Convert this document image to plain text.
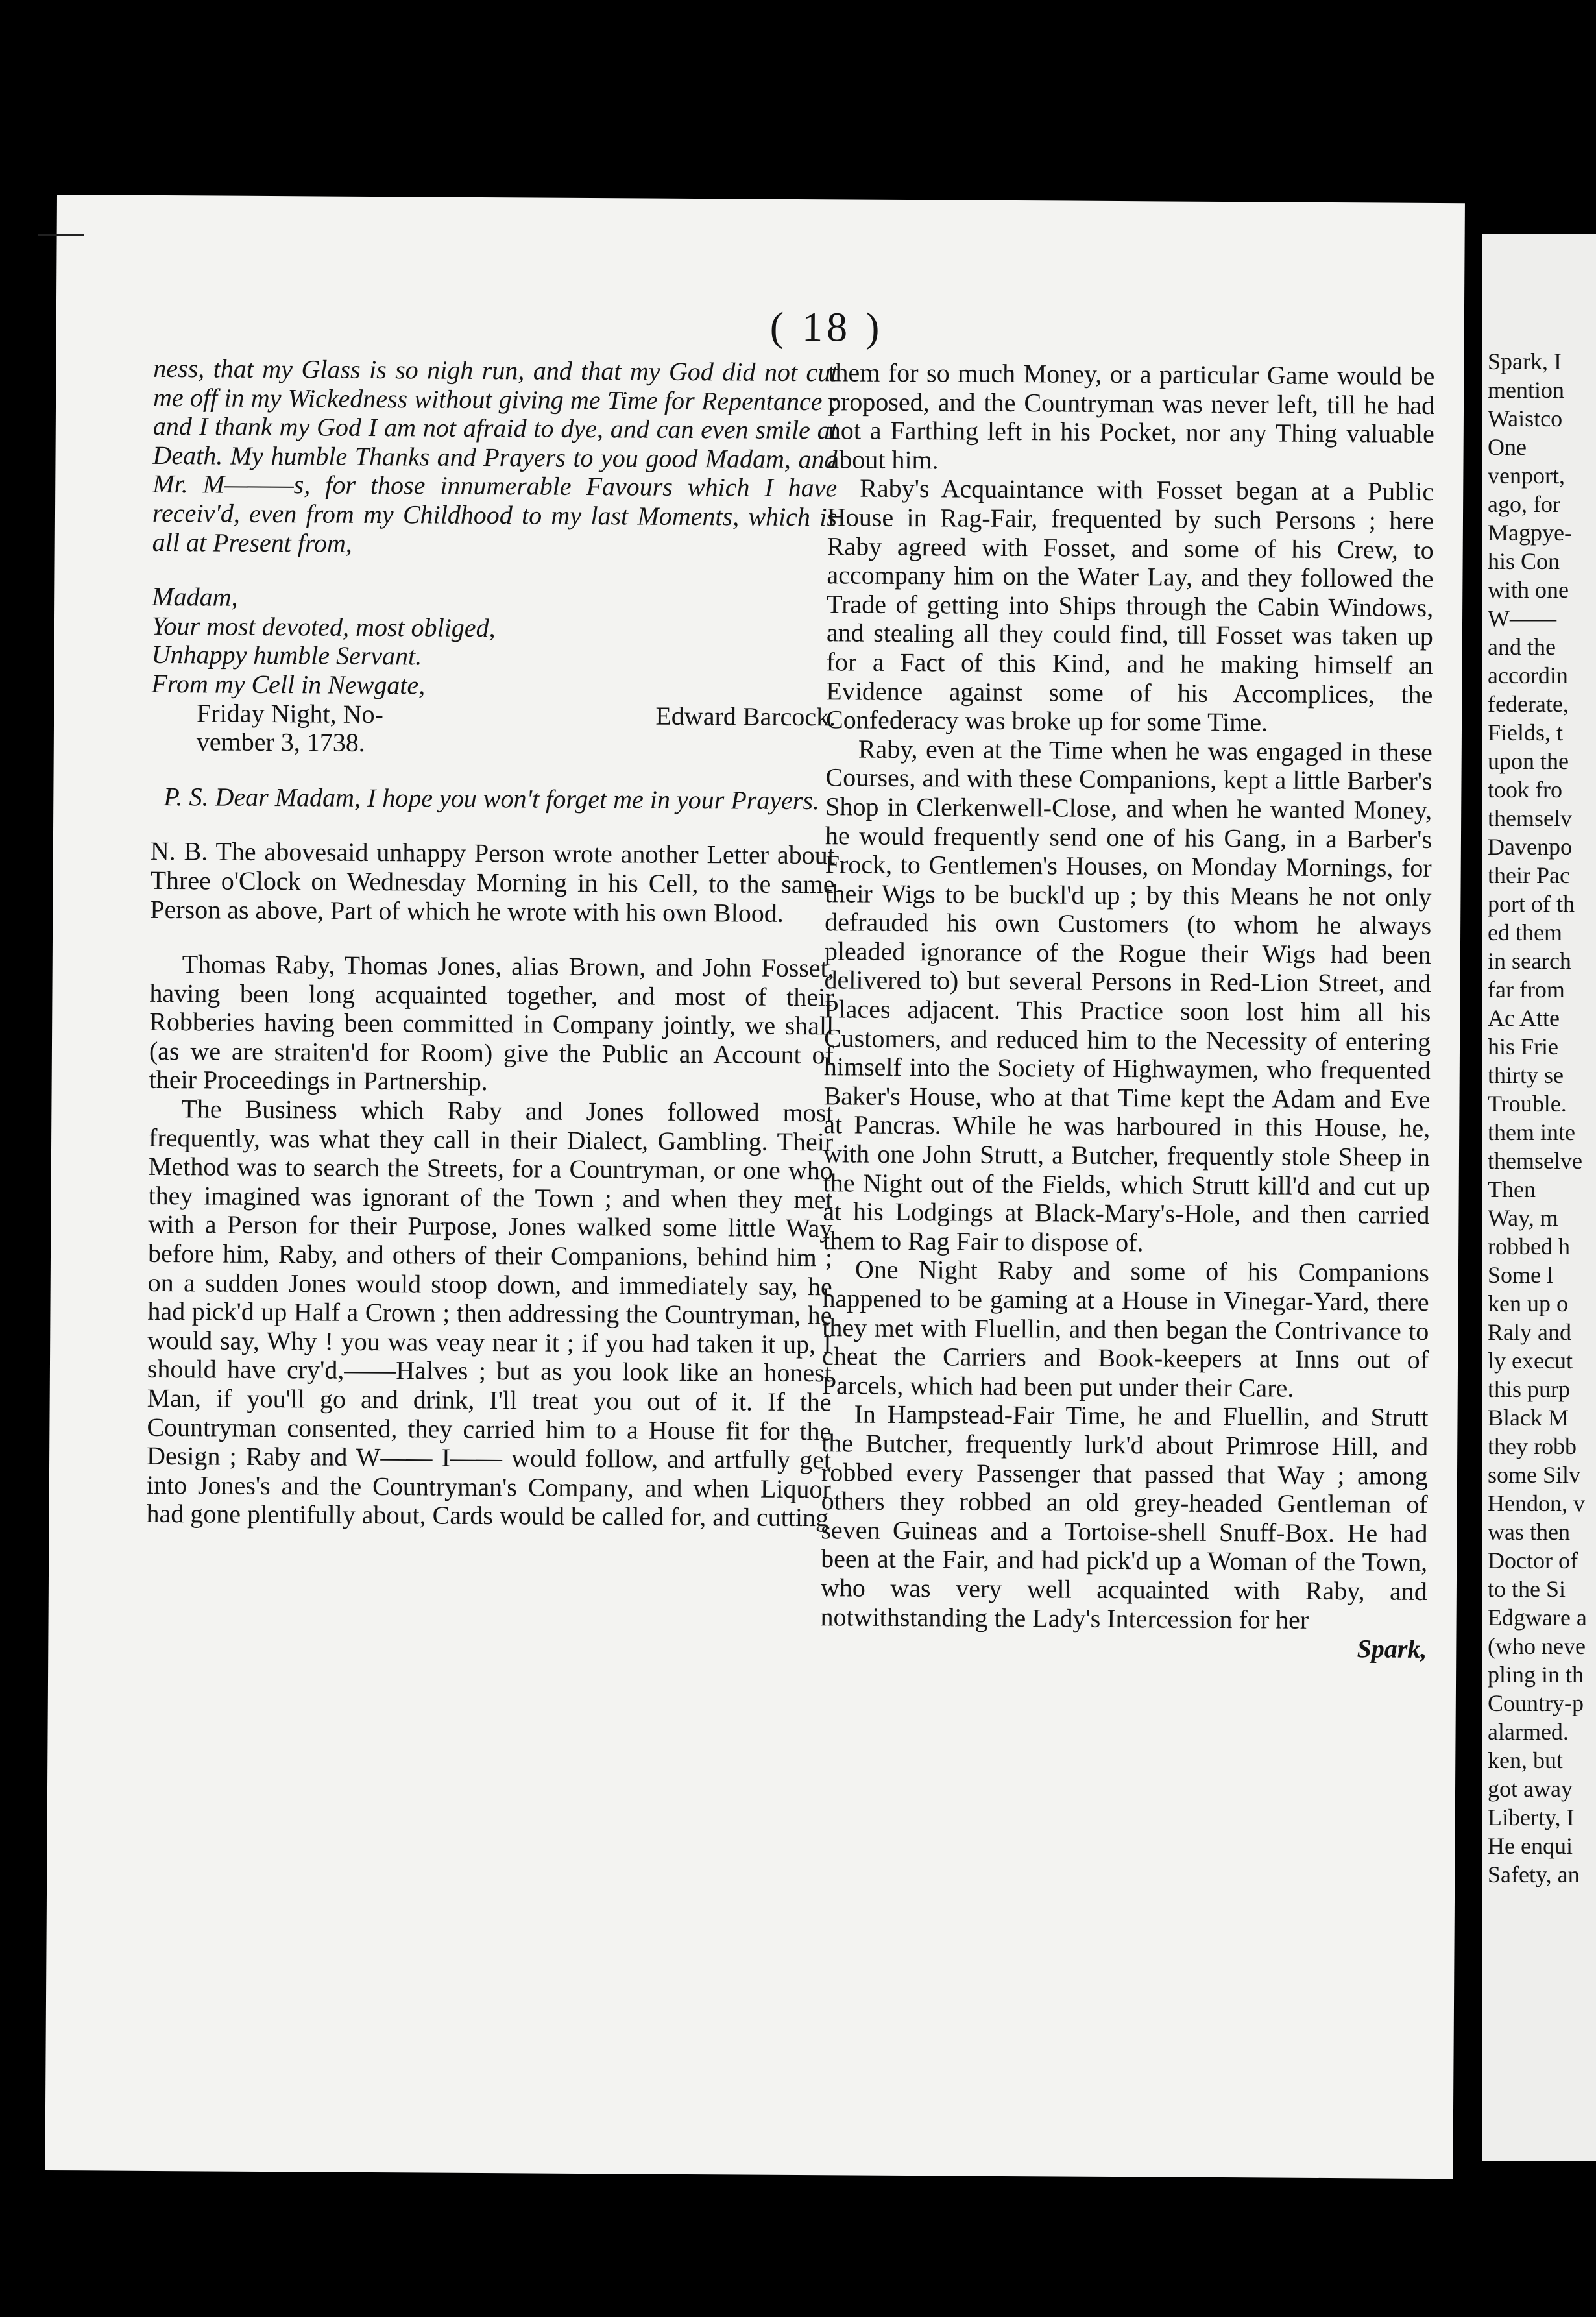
( 18 )

ness, that my Glass is so nigh run, and that my God did not cut me off in my Wickedness without giving me Time for Repentance ; and I thank my God I am not afraid to dye, and can even smile at Death. My humble Thanks and Prayers to you good Madam, and Mr. M———s, for those innumerable Favours which I have receiv'd, even from my Childhood to my last Moments, which is all at Present from,

Madam,

Your most devoted, most obliged,

Unhappy humble Servant.

From my Cell in Newgate,

Friday Night, No-	Edward Barcock.

vember 3, 1738.

P. S. Dear Madam, I hope you won't forget me in your Prayers.

N. B. The abovesaid unhappy Person wrote another Letter about Three o'Clock on Wednesday Morning in his Cell, to the same Person as above, Part of which he wrote with his own Blood.

Thomas Raby, Thomas Jones, alias Brown, and John Fosset, having been long acquainted together, and most of their Robberies having been committed in Company jointly, we shall (as we are straiten'd for Room) give the Public an Account of their Proceedings in Partnership.

The Business which Raby and Jones followed most frequently, was what they call in their Dialect, Gambling. Their Method was to search the Streets, for a Countryman, or one who they imagined was ignorant of the Town ; and when they met with a Person for their Purpose, Jones walked some little Way before him, Raby, and others of their Companions, behind him ; on a sudden Jones would stoop down, and immediately say, he had pick'd up Half a Crown ; then addressing the Countryman, he would say, Why ! you was veay near it ; if you had taken it up, I should have cry'd,——Halves ; but as you look like an honest Man, if you'll go and drink, I'll treat you out of it. If the Countryman consented, they carried him to a House fit for the Design ; Raby and W—— I—— would follow, and artfully get into Jones's and the Countryman's Company, and when Liquor had gone plentifully about, Cards would be called for, and cutting

them for so much Money, or a particular Game would be proposed, and the Countryman was never left, till he had not a Farthing left in his Pocket, nor any Thing valuable about him.

Raby's Acquaintance with Fosset began at a Public House in Rag-Fair, frequented by such Persons ; here Raby agreed with Fosset, and some of his Crew, to accompany him on the Water Lay, and they followed the Trade of getting into Ships through the Cabin Windows, and stealing all they could find, till Fosset was taken up for a Fact of this Kind, and he making himself an Evidence against some of his Accomplices, the Confederacy was broke up for some Time.

Raby, even at the Time when he was engaged in these Courses, and with these Companions, kept a little Barber's Shop in Clerkenwell-Close, and when he wanted Money, he would frequently send one of his Gang, in a Barber's Frock, to Gentlemen's Houses, on Monday Mornings, for their Wigs to be buckl'd up ; by this Means he not only defrauded his own Customers (to whom he always pleaded ignorance of the Rogue their Wigs had been delivered to) but several Persons in Red-Lion Street, and Places adjacent. This Practice soon lost him all his Customers, and reduced him to the Necessity of entering himself into the Society of Highwaymen, who frequented Baker's House, who at that Time kept the Adam and Eve at Pancras. While he was harboured in this House, he, with one John Strutt, a Butcher, frequently stole Sheep in the Night out of the Fields, which Strutt kill'd and cut up at his Lodgings at Black-Mary's-Hole, and then carried them to Rag Fair to dispose of.

One Night Raby and some of his Companions happened to be gaming at a House in Vinegar-Yard, there they met with Fluellin, and then began the Contrivance to cheat the Carriers and Book-keepers at Inns out of Parcels, which had been put under their Care.

In Hampstead-Fair Time, he and Fluellin, and Strutt the Butcher, frequently lurk'd about Primrose Hill, and robbed every Passenger that passed that Way ; among others they robbed an old grey-headed Gentleman of seven Guineas and a Tortoise-shell Snuff-Box. He had been at the Fair, and had pick'd up a Woman of the Town, who was very well acquainted with Raby, and notwithstanding the Lady's Intercession for her

Spark,

Spark, I
mention
Waistco
One
venport,
ago, for
Magpye-
his Con
with one
W——
and the
accordin
federate,
Fields, t
upon the
took fro
themselv
Davenpo
their Pac
port of th
ed them
in search
far from
Ac Atte
his Frie
thirty se
Trouble.
them inte
themselve
Then
Way, m
robbed h
Some l
ken up o
Raly and
ly execut
this purp
Black M
they robb
some Silv
Hendon, v
was then
Doctor of
to the Si
Edgware a
(who neve
pling in th
Country-p
alarmed.
ken, but
got away
Liberty, I
He enqui
Safety, an
